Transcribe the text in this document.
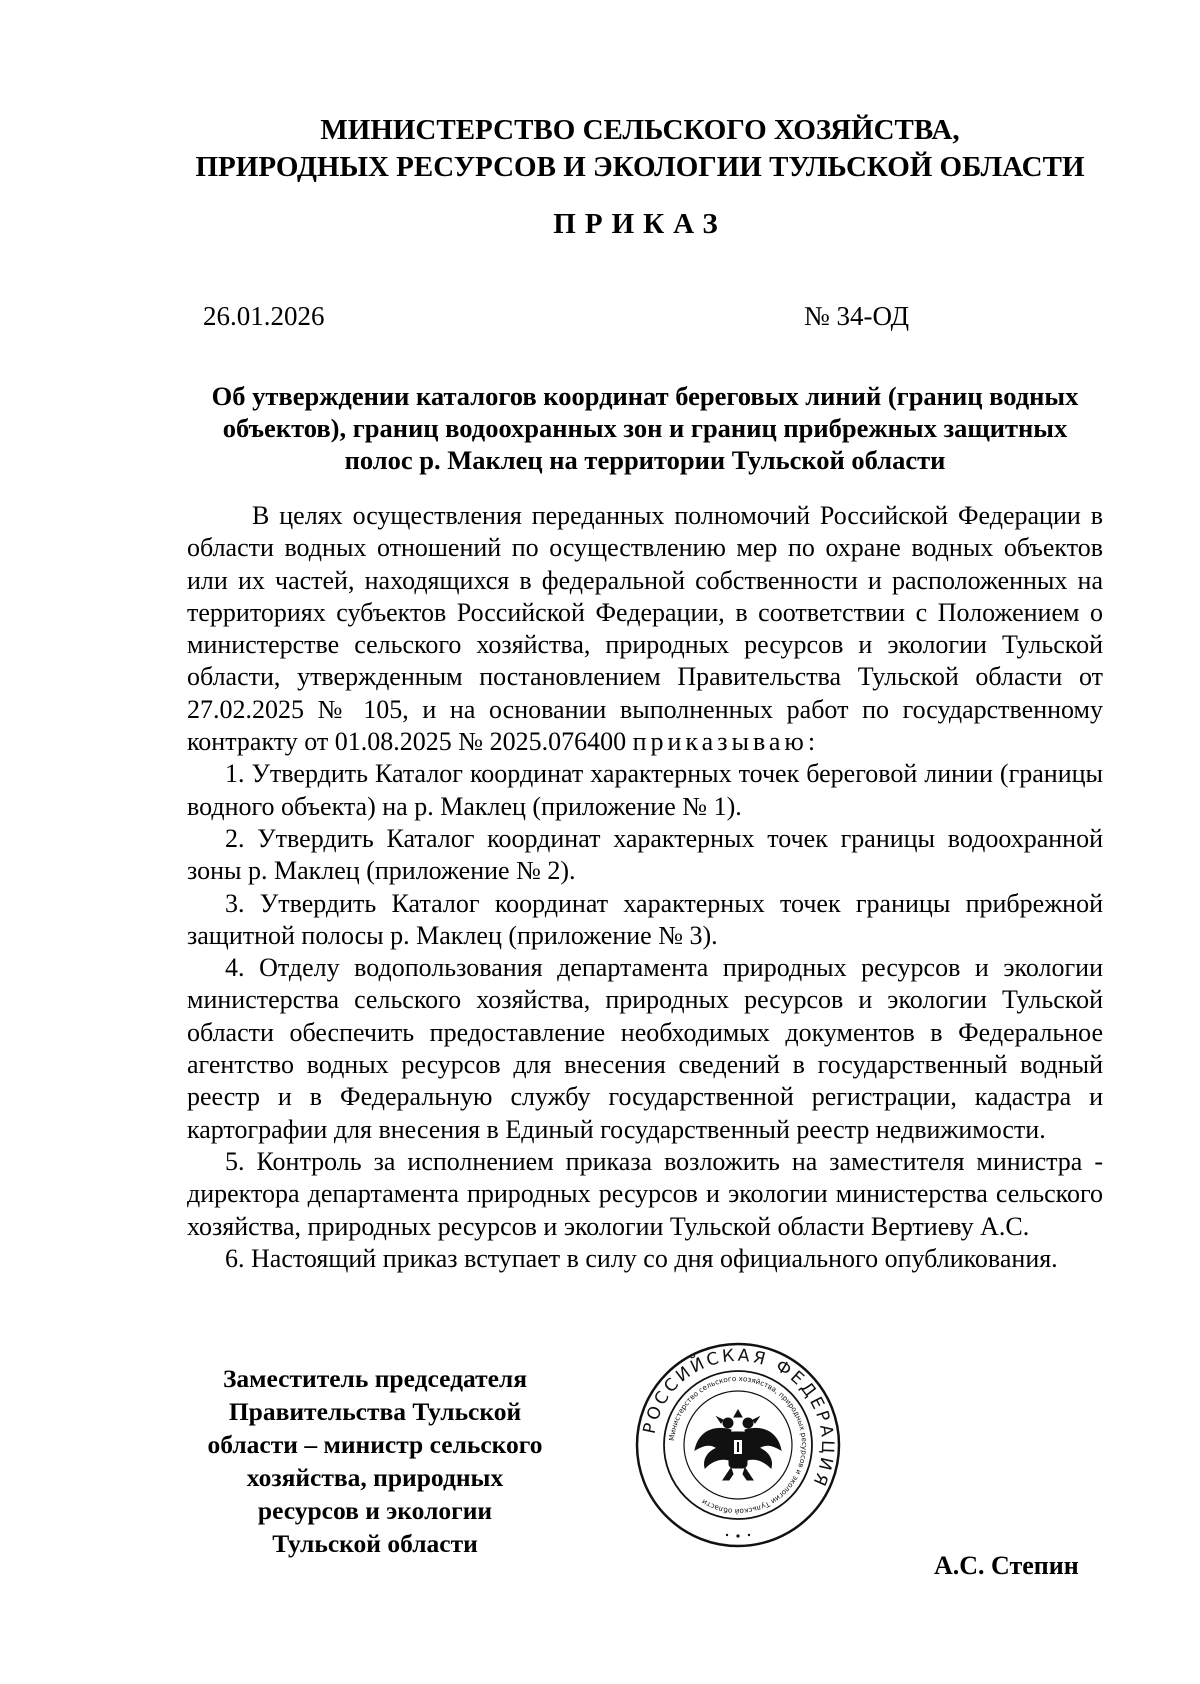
МИНИСТЕРСТВО СЕЛЬСКОГО ХОЗЯЙСТВА,
ПРИРОДНЫХ РЕСУРСОВ И ЭКОЛОГИИ ТУЛЬСКОЙ ОБЛАСТИ
ПРИКАЗ
26.01.2026	№ 34-ОД
Об утверждении каталогов координат береговых линий (границ водных
объектов), границ водоохранных зон и границ прибрежных защитных
полос р. Маклец на территории Тульской области

В целях осуществления переданных полномочий Российской Федерации в области водных отношений по осуществлению мер по охране водных объектов или их частей, находящихся в федеральной собственности и расположенных на территориях субъектов Российской Федерации, в соответствии с Положением о министерстве сельского хозяйства, природных ресурсов и экологии Тульской области, утвержденным постановлением Правительства Тульской области от 27.02.2025 № 105, и на основании выполненных работ по государственному контракту от 01.08.2025 № 2025.076400 приказываю:

1. Утвердить Каталог координат характерных точек береговой линии (границы водного объекта) на р. Маклец (приложение № 1).

2. Утвердить Каталог координат характерных точек границы водоохранной зоны р. Маклец (приложение № 2).

3. Утвердить Каталог координат характерных точек границы прибрежной защитной полосы р. Маклец (приложение № 3).

4. Отделу водопользования департамента природных ресурсов и экологии министерства сельского хозяйства, природных ресурсов и экологии Тульской области обеспечить предоставление необходимых документов в Федеральное агентство водных ресурсов для внесения сведений в государственный водный реестр и в Федеральную службу государственной регистрации, кадастра и картографии для внесения в Единый государственный реестр недвижимости.

5. Контроль за исполнением приказа возложить на заместителя министра - директора департамента природных ресурсов и экологии министерства сельского хозяйства, природных ресурсов и экологии Тульской области Вертиеву А.С.

6. Настоящий приказ вступает в силу со дня официального опубликования.

Заместитель председателя
Правительства Тульской
области – министр сельского
хозяйства, природных
ресурсов и экологии
Тульской области
РОССИЙСКАЯ ФЕДЕРАЦИЯ
Министерство сельского хозяйства, природных ресурсов и экологии Тульской области
А.С. Степин
